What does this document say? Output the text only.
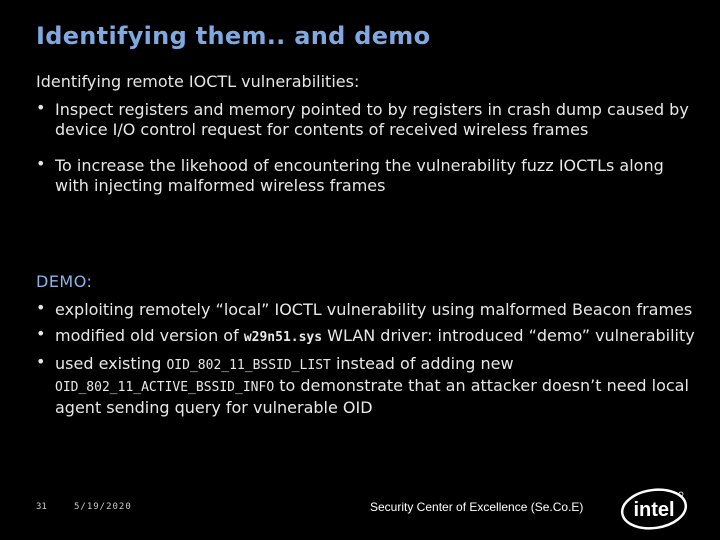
Identifying them.. and demo
Identifying remote IOCTL vulnerabilities:
• Inspect registers and memory pointed to by registers in crash dump caused by device I/O control request for contents of received wireless frames
• To increase the likehood of encountering the vulnerability fuzz IOCTLs along with injecting malformed wireless frames
DEMO:
• exploiting remotely “local” IOCTL vulnerability using malformed Beacon frames
• modified old version of w29n51.sys WLAN driver: introduced “demo” vulnerability
• used existing OID_802_11_BSSID_LIST instead of adding new OID_802_11_ACTIVE_BSSID_INFO to demonstrate that an attacker doesn’t need local agent sending query for vulnerable OID
31	5/19/2020	Security Center of Excellence (Se.Co.E)	intel
